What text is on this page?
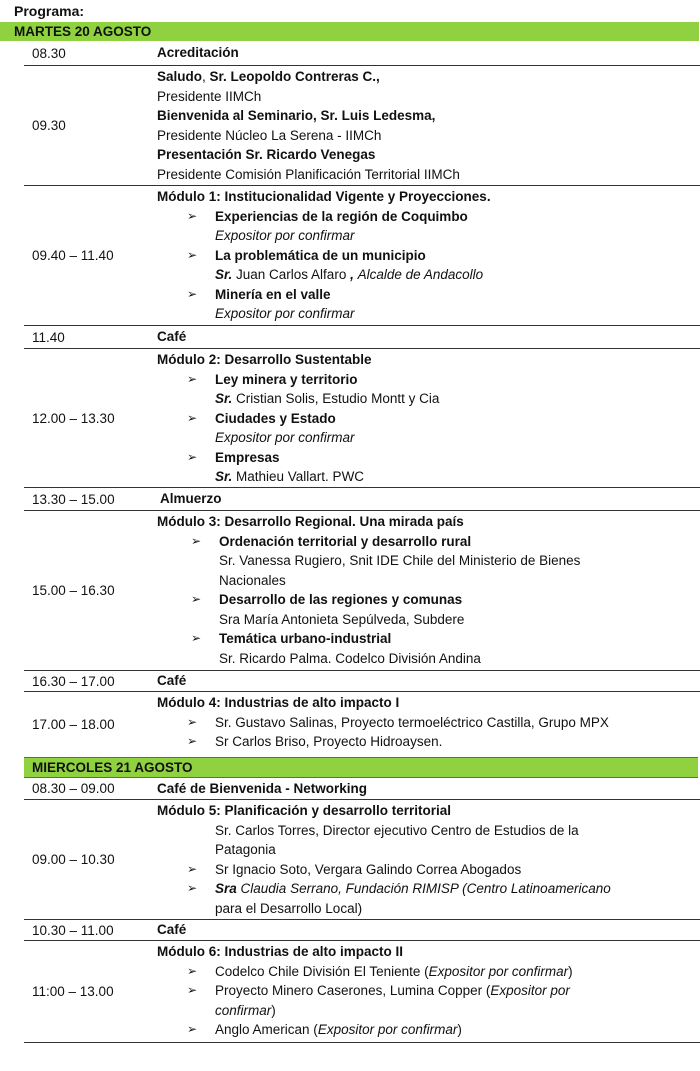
Programa:
MARTES 20 AGOSTO
08.30	Acreditación
09.30
Saludo, Sr. Leopoldo Contreras C.,
Presidente IIMCh
Bienvenida al Seminario, Sr. Luis Ledesma,
Presidente Núcleo La Serena - IIMCh
Presentación Sr. Ricardo Venegas
Presidente Comisión Planificación Territorial IIMCh
09.40 – 11.40
Módulo 1: Institucionalidad Vigente y Proyecciones.
➢	Experiencias de la región de Coquimbo
Expositor por confirmar
➢	La problemática de un municipio
Sr. Juan Carlos Alfaro , Alcalde de Andacollo
➢	Minería en el valle
Expositor por confirmar
11.40	Café
12.00 – 13.30
Módulo 2: Desarrollo Sustentable
➢	Ley minera y territorio
Sr. Cristian Solis, Estudio Montt y Cia
➢	Ciudades y Estado
Expositor por confirmar
➢	Empresas
Sr. Mathieu Vallart. PWC
13.30 – 15.00	Almuerzo
15.00 – 16.30
Módulo 3: Desarrollo Regional. Una mirada país
➢	Ordenación territorial y desarrollo rural
Sr. Vanessa Rugiero, Snit IDE Chile del Ministerio de Bienes
Nacionales
➢	Desarrollo de las regiones y comunas
Sra María Antonieta Sepúlveda, Subdere
➢	Temática urbano-industrial
Sr. Ricardo Palma. Codelco División Andina
16.30 – 17.00	Café
17.00 – 18.00
Módulo 4: Industrias de alto impacto I
➢	Sr. Gustavo Salinas, Proyecto termoeléctrico Castilla, Grupo MPX
➢	Sr Carlos Briso, Proyecto Hidroaysen.
MIERCOLES 21 AGOSTO
08.30 – 09.00	Café de Bienvenida - Networking
09.00 – 10.30
Módulo 5: Planificación y desarrollo territorial
Sr. Carlos Torres, Director ejecutivo Centro de Estudios de la
Patagonia
➢	Sr Ignacio Soto, Vergara Galindo Correa Abogados
➢	Sra Claudia Serrano, Fundación RIMISP (Centro Latinoamericano
para el Desarrollo Local)
10.30 – 11.00	Café
11:00 – 13.00
Módulo 6: Industrias de alto impacto II
➢	Codelco Chile División El Teniente (Expositor por confirmar)
➢	Proyecto Minero Caserones, Lumina Copper (Expositor por
confirmar)
➢	Anglo American (Expositor por confirmar)
